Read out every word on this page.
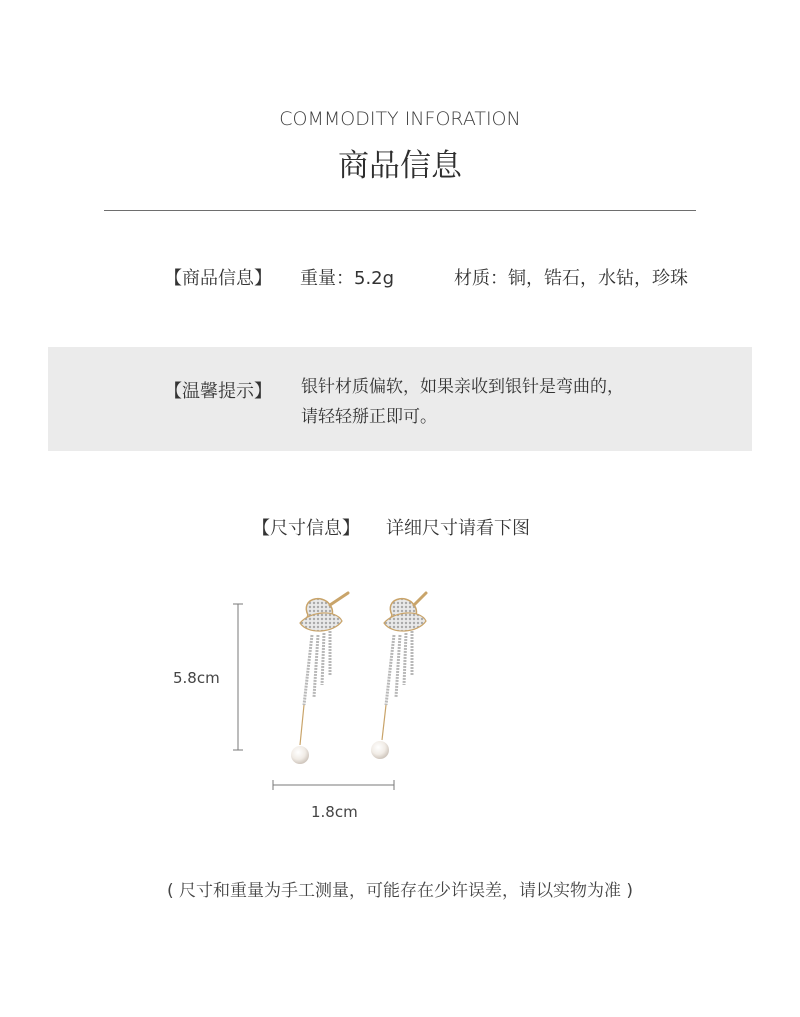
COMMODITY INFORATION
商品信息
【商品信息】 重量：5.2g	材质：铜，锆石，水钻，珍珠
【温馨提示】 银针材质偏软，如果亲收到银针是弯曲的，
请轻轻掰正即可。
【尺寸信息】 详细尺寸请看下图
5.8cm
1.8cm
( 尺寸和重量为手工测量，可能存在少许误差，请以实物为准 )
